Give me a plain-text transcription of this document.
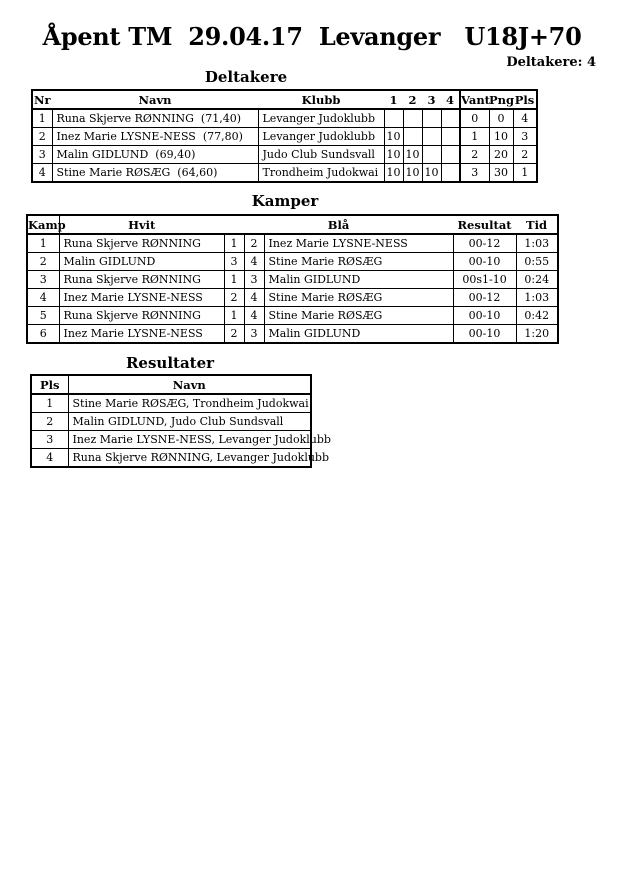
Åpent TM  29.04.17  Levanger   U18J+70
Deltakere: 4
Deltakere
Nr	Navn	Klubb	1	2	3	4	Vant	Png	Pls
1	Runa Skjerve RØNNING  (71,40)	Levanger Judoklubb					0	0	4
2	Inez Marie LYSNE-NESS  (77,80)	Levanger Judoklubb	10				1	10	3
3	Malin GIDLUND  (69,40)	Judo Club Sundsvall	10	10			2	20	2
4	Stine Marie RØSÆG  (64,60)	Trondheim Judokwai	10	10	10		3	30	1
Kamper
Kamp	Hvit	Blå			Resultat	Tid
1	Runa Skjerve RØNNING	1	2	Inez Marie LYSNE-NESS	00-12	1:03
2	Malin GIDLUND	3	4	Stine Marie RØSÆG	00-10	0:55
3	Runa Skjerve RØNNING	1	3	Malin GIDLUND	00s1-10	0:24
4	Inez Marie LYSNE-NESS	2	4	Stine Marie RØSÆG	00-12	1:03
5	Runa Skjerve RØNNING	1	4	Stine Marie RØSÆG	00-10	0:42
6	Inez Marie LYSNE-NESS	2	3	Malin GIDLUND	00-10	1:20
Resultater
Pls	Navn
1	Stine Marie RØSÆG, Trondheim Judokwai
2	Malin GIDLUND, Judo Club Sundsvall
3	Inez Marie LYSNE-NESS, Levanger Judoklubb
4	Runa Skjerve RØNNING, Levanger Judoklubb
